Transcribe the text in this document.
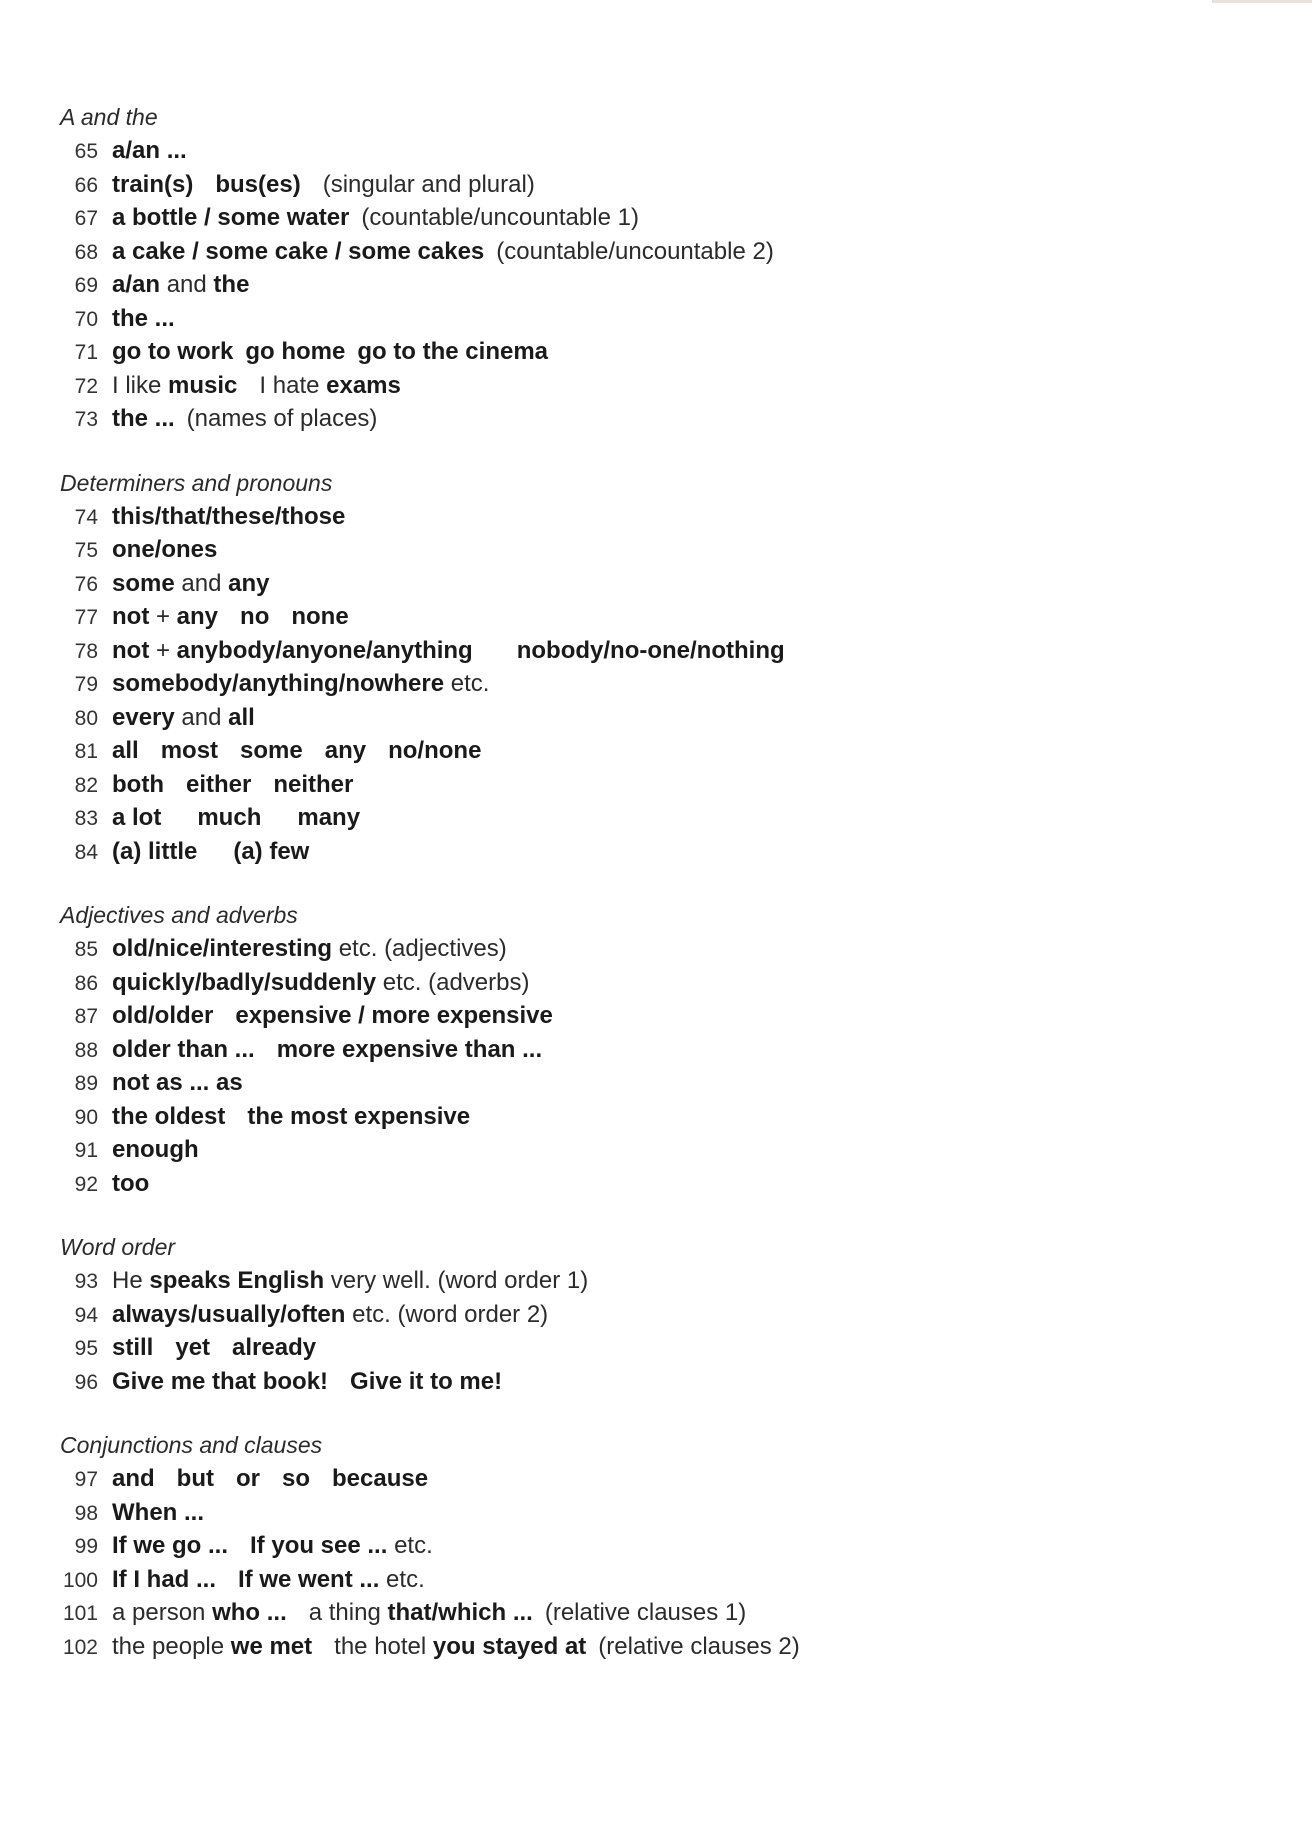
A and the
65 a/an ...
66 train(s) bus(es) (singular and plural)
67 a bottle / some water (countable/uncountable 1)
68 a cake / some cake / some cakes (countable/uncountable 2)
69 a/an and the
70 the ...
71 go to work go home go to the cinema
72 I like music I hate exams
73 the ... (names of places)
Determiners and pronouns
74 this/that/these/those
75 one/ones
76 some and any
77 not + any no none
78 not + anybody/anyone/anything nobody/no-one/nothing
79 somebody/anything/nowhere etc.
80 every and all
81 all most some any no/none
82 both either neither
83 a lot much many
84 (a) little (a) few
Adjectives and adverbs
85 old/nice/interesting etc. (adjectives)
86 quickly/badly/suddenly etc. (adverbs)
87 old/older expensive / more expensive
88 older than ... more expensive than ...
89 not as ... as
90 the oldest the most expensive
91 enough
92 too
Word order
93 He speaks English very well. (word order 1)
94 always/usually/often etc. (word order 2)
95 still yet already
96 Give me that book! Give it to me!
Conjunctions and clauses
97 and but or so because
98 When ...
99 If we go ... If you see ... etc.
100 If I had ... If we went ... etc.
101 a person who ... a thing that/which ... (relative clauses 1)
102 the people we met the hotel you stayed at (relative clauses 2)
